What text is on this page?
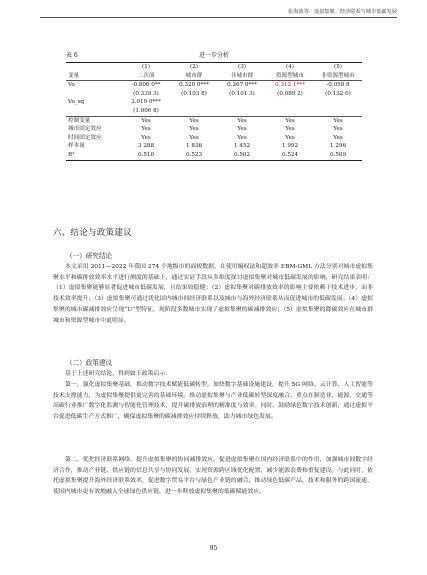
张海波等：虚拟集聚、经济联系与城市低碳发展
表 6	进一步分析
	(1)	(2)	(3)	(4)	(5)
变量	二次项	城市群	非城市群	资源型城市	非资源型城市
Vo	-0.806 0**	0.320 0***	0.267 0***	0.312 1***	-0.058 8
	(0.339 3)	(0.103 8)	(0.101 3)	(0.089 2)	(0.132 0)
Vo_sq	3.019 0***				
	(1.006 8)				
控制变量	Yes	Yes	Yes	Yes	Yes
城市固定效应	Yes	Yes	Yes	Yes	Yes
时间固定效应	Yes	Yes	Yes	Yes	Yes
样本量	3 288	1 836	1 452	1 992	1 296
R²	0.510	0.523	0.502	0.524	0.509
六、结论与政策建议
（一）研究结论

本文采用 2011—2022 年我国 274 个地级市的面板数据，在使用熵权法和超效率 EBM-GML 方法分别对城市虚拟集聚水平和碳排放效率水平进行测度的基础上，通过实证手段从多维度探讨虚拟集聚对城市低碳发展的影响，研究结果表明：（1）虚拟集聚能够显著促进城市低碳发展，且结果较稳健；（2）虚拟集聚对碳排放效率的影响主要依赖于技术进步，而非技术效率提升；（3）虚拟集聚可通过优化国内城市间经济联系以及城市与海外经济联系从而促进城市的低碳发展；（4）虚拟集聚的城市碳减排效应呈现“U”型特征，现阶段多数城市实现了虚拟集聚的碳减排效应；（5）虚拟集聚的降碳效应在城市群城市和资源型城市中更明显。

（二）政策建议

基于上述研究结论，得到如下政策启示：

第一，强化虚拟集聚基础，推动数字技术赋能低碳转型。加快数字基础设施建设，提升 5G 网络、云计算、人工智能等技术支撑能力，为虚拟集聚提供更完善的基础环境。推动虚拟集聚与产业低碳转型深度融合，重点在制造业、能源、交通等高碳行业推广数字化监测与智能化管理技术，提升碳排放治理的精准度与效率。同时，鼓励绿色数字技术创新，通过虚拟平台促进低碳生产方式推广，确保虚拟集聚的碳减排效应持续释放，助力城市绿色发展。

第二，优化经济联系网络，提升虚拟集聚的协同减排效应。促进虚拟集聚在国内经济联系中的作用，加强城市间数字经济合作，推动产业链、供应链的信息共享与协同发展，实现资源跨区域优化配置，减少能源浪费和重复建设。与此同时，依托虚拟集聚提升海外经济联系效率，促进数字贸易平台与绿色产业链的融合，推动绿色低碳产品、技术和服务的跨国流通，使国内城市更有效地融入全球绿色供应链，进一步释放虚拟集聚的低碳赋能效应。

95
